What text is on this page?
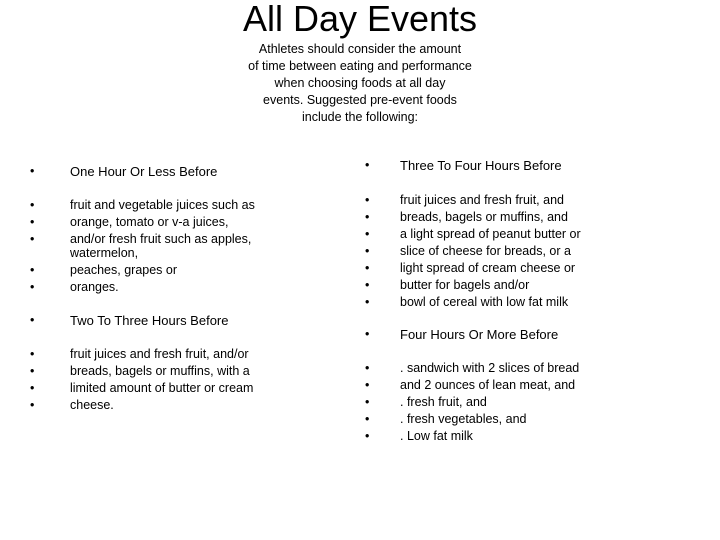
All Day Events
Athletes should consider the amount
of time between eating and performance
when choosing foods at all day
events. Suggested pre-event foods
include the following:
•	One Hour Or Less Before
•	fruit and vegetable juices such as
•	orange, tomato or v-a juices,
•	and/or fresh fruit such as apples,
watermelon,
•	peaches, grapes or
•	oranges.
•	Two To Three Hours Before
•	fruit juices and fresh fruit, and/or
•	breads, bagels or muffins, with a
•	limited amount of butter or cream
•	cheese.
•	Three To Four Hours Before
•	fruit juices and fresh fruit, and
•	breads, bagels or muffins, and
•	a light spread of peanut butter or
•	slice of cheese for breads, or a
•	light spread of cream cheese or
•	butter for bagels and/or
•	bowl of cereal with low fat milk
•	Four Hours Or More Before
•	. sandwich with 2 slices of bread
•	and 2 ounces of lean meat, and
•	. fresh fruit, and
•	. fresh vegetables, and
•	. Low fat milk
